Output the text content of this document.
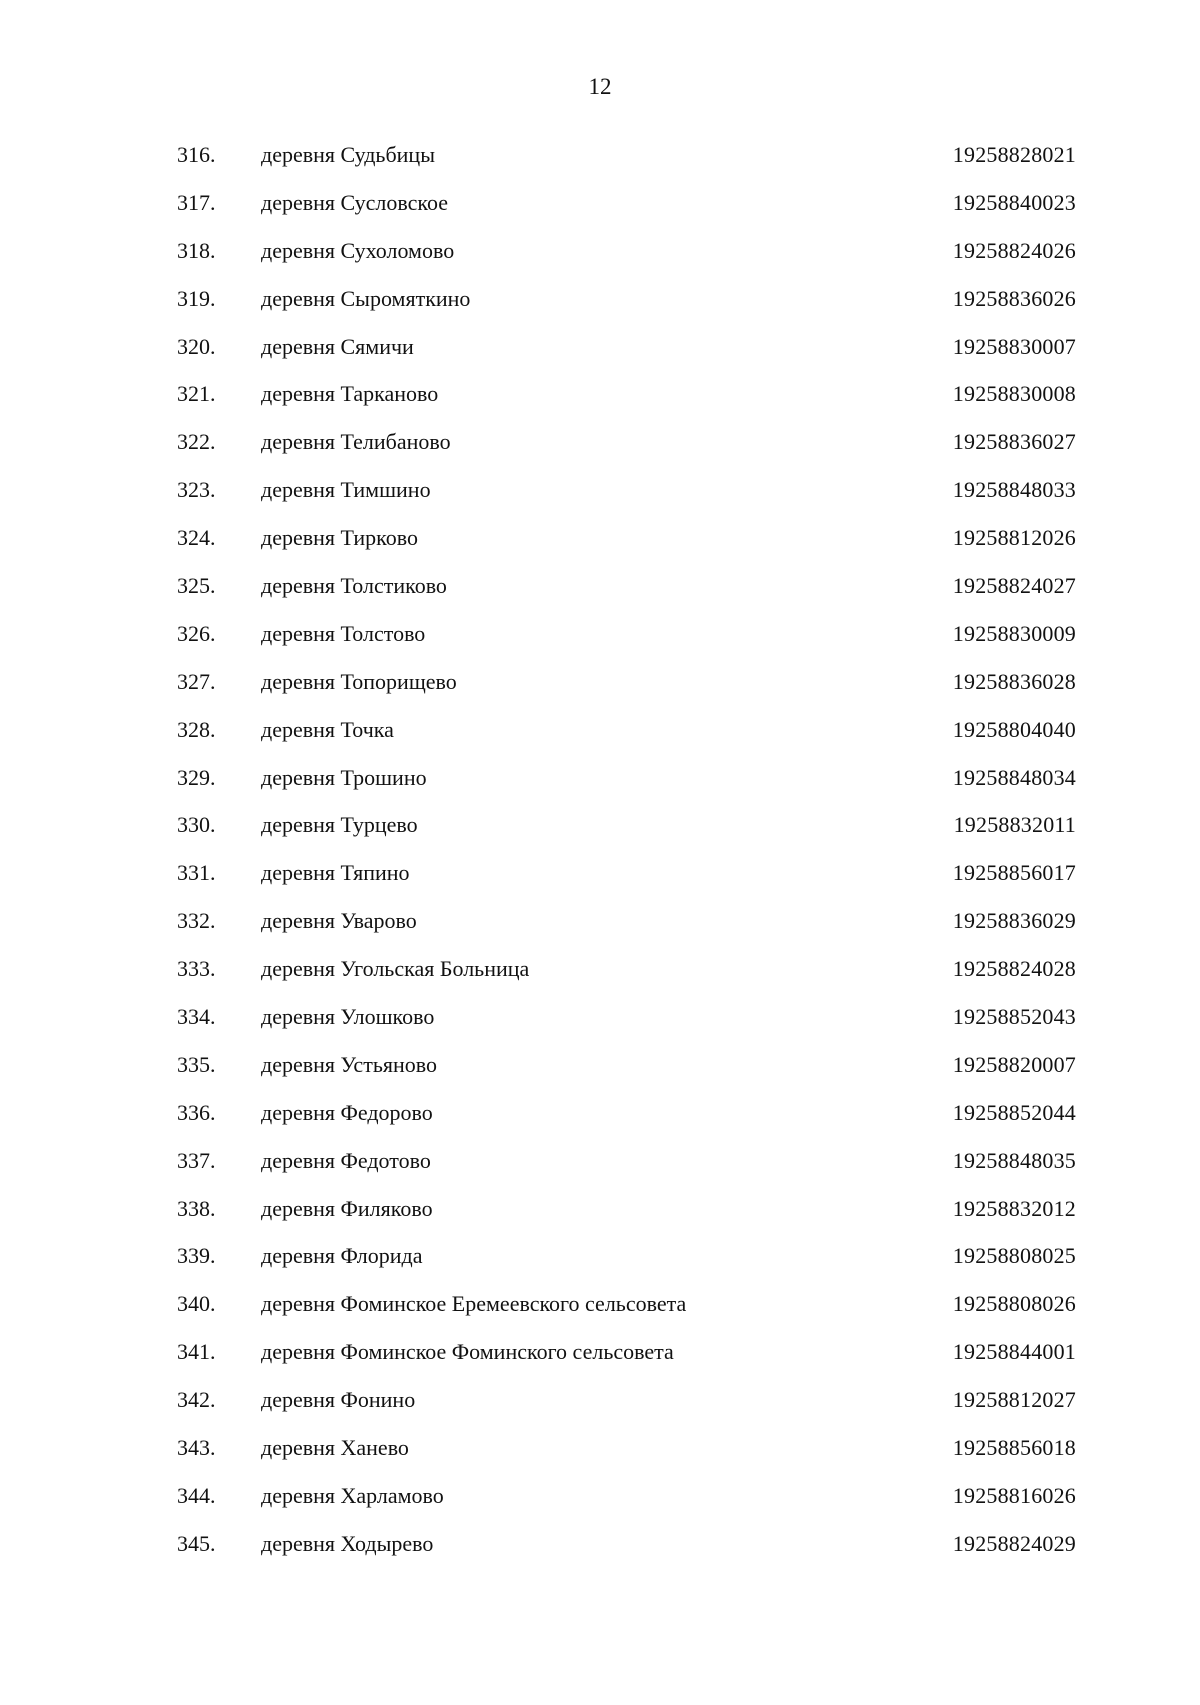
12
316. деревня Судьбицы	19258828021
317. деревня Сусловское	19258840023
318. деревня Сухоломово	19258824026
319. деревня Сыромяткино	19258836026
320. деревня Сямичи	19258830007
321. деревня Тарканово	19258830008
322. деревня Телибаново	19258836027
323. деревня Тимшино	19258848033
324. деревня Тирково	19258812026
325. деревня Толстиково	19258824027
326. деревня Толстово	19258830009
327. деревня Топорищево	19258836028
328. деревня Точка	19258804040
329. деревня Трошино	19258848034
330. деревня Турцево	19258832011
331. деревня Тяпино	19258856017
332. деревня Уварово	19258836029
333. деревня Угольская Больница	19258824028
334. деревня Улошково	19258852043
335. деревня Устьяново	19258820007
336. деревня Федорово	19258852044
337. деревня Федотово	19258848035
338. деревня Филяково	19258832012
339. деревня Флорида	19258808025
340. деревня Фоминское Еремеевского сельсовета	19258808026
341. деревня Фоминское Фоминского сельсовета	19258844001
342. деревня Фонино	19258812027
343. деревня Ханево	19258856018
344. деревня Харламово	19258816026
345. деревня Ходырево	19258824029
